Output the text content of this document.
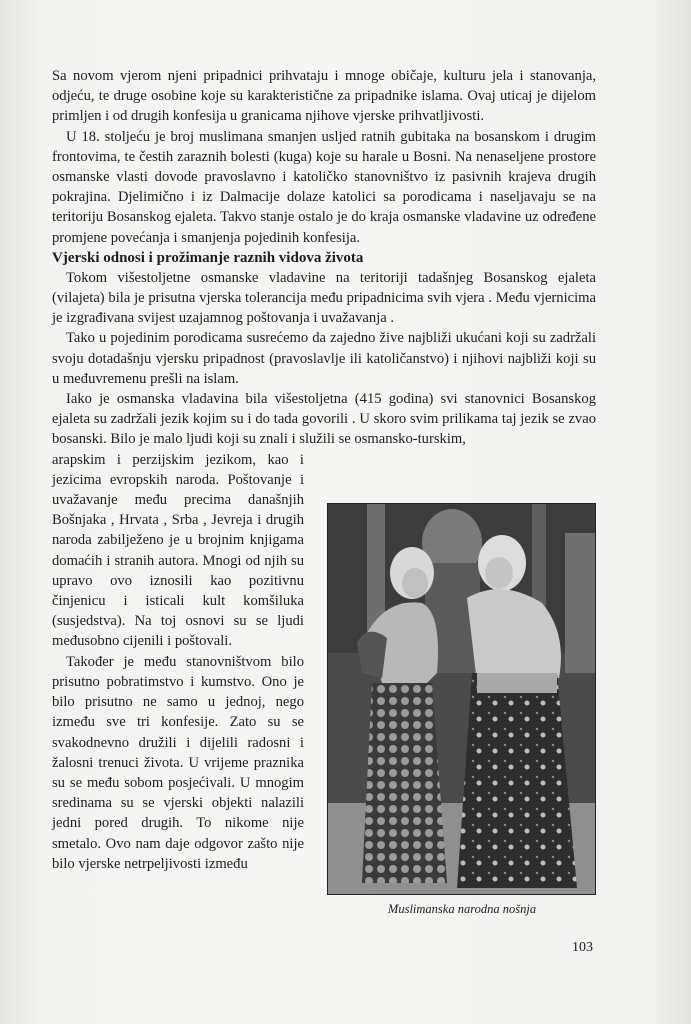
Sa novom vjerom njeni pripadnici prihvataju i mnoge običaje, kulturu jela i stanovanja, odjeću, te druge osobine koje su karakteristične za pripadnike islama. Ovaj uticaj je dijelom primljen i od drugih konfesija u granicama njihove vjerske prihvatljivosti.

U 18. stoljeću je broj muslimana smanjen usljed ratnih gubitaka na bosanskom i drugim frontovima, te čestih zaraznih bolesti (kuga) koje su harale u Bosni. Na nenaseljene prostore osmanske vlasti dovode pravoslavno i katoličko stanovništvo iz pasivnih krajeva drugih pokrajina. Djelimično i iz Dalmacije dolaze katolici sa porodicama i naseljavaju se na teritoriju Bosanskog ejaleta. Takvo stanje ostalo je do kraja osmanske vladavine uz određene promjene povećanja i smanjenja pojedinih konfesija.

Vjerski odnosi i prožimanje raznih vidova života

Tokom višestoljetne osmanske vladavine na teritoriji tadašnjeg Bosanskog ejaleta (vilajeta) bila je prisutna vjerska tolerancija među pripadnicima svih vjera . Među vjernicima je izgrađivana svijest uzajamnog poštovanja i uvažavanja .

Tako u pojedinim porodicama susrećemo da zajedno žive najbliži ukućani koji su zadržali svoju dotadašnju vjersku pripadnost (pravoslavlje ili katoličanstvo) i njihovi najbliži koji su u međuvremenu prešli na islam.

Iako je osmanska vladavina bila višestoljetna (415 godina) svi stanovnici Bosanskog ejaleta su zadržali jezik kojim su i do tada govorili . U skoro svim prilikama taj jezik se zvao bosanski. Bilo je malo ljudi koji su znali i služili se osmansko-turskim,

arapskim i perzijskim jezikom, kao i jezicima evropskih naroda. Poštovanje i uvažavanje među precima današnjih Bošnjaka , Hrvata , Srba , Jevreja i drugih naroda zabilježeno je u brojnim knjigama domaćih i stranih autora. Mnogi od njih su upravo ovo iznosili kao pozitivnu činjenicu i isticali kult komšiluka (susjedstva). Na toj osnovi su se ljudi međusobno cijenili i poštovali.

Također je među stanovništvom bilo prisutno pobratimstvo i kumstvo. Ono je bilo prisutno ne samo u jednoj, nego između sve tri konfesije. Zato su se svakodnevno družili i dijelili radosni i žalosni trenuci života. U vrijeme praznika su se među sobom posjećivali. U mnogim sredinama su se vjerski objekti nalazili jedni pored drugih. To nikome nije smetalo. Ovo nam daje odgovor zašto nije bilo vjerske netrpeljivosti između

Muslimanska narodna nošnja
103
